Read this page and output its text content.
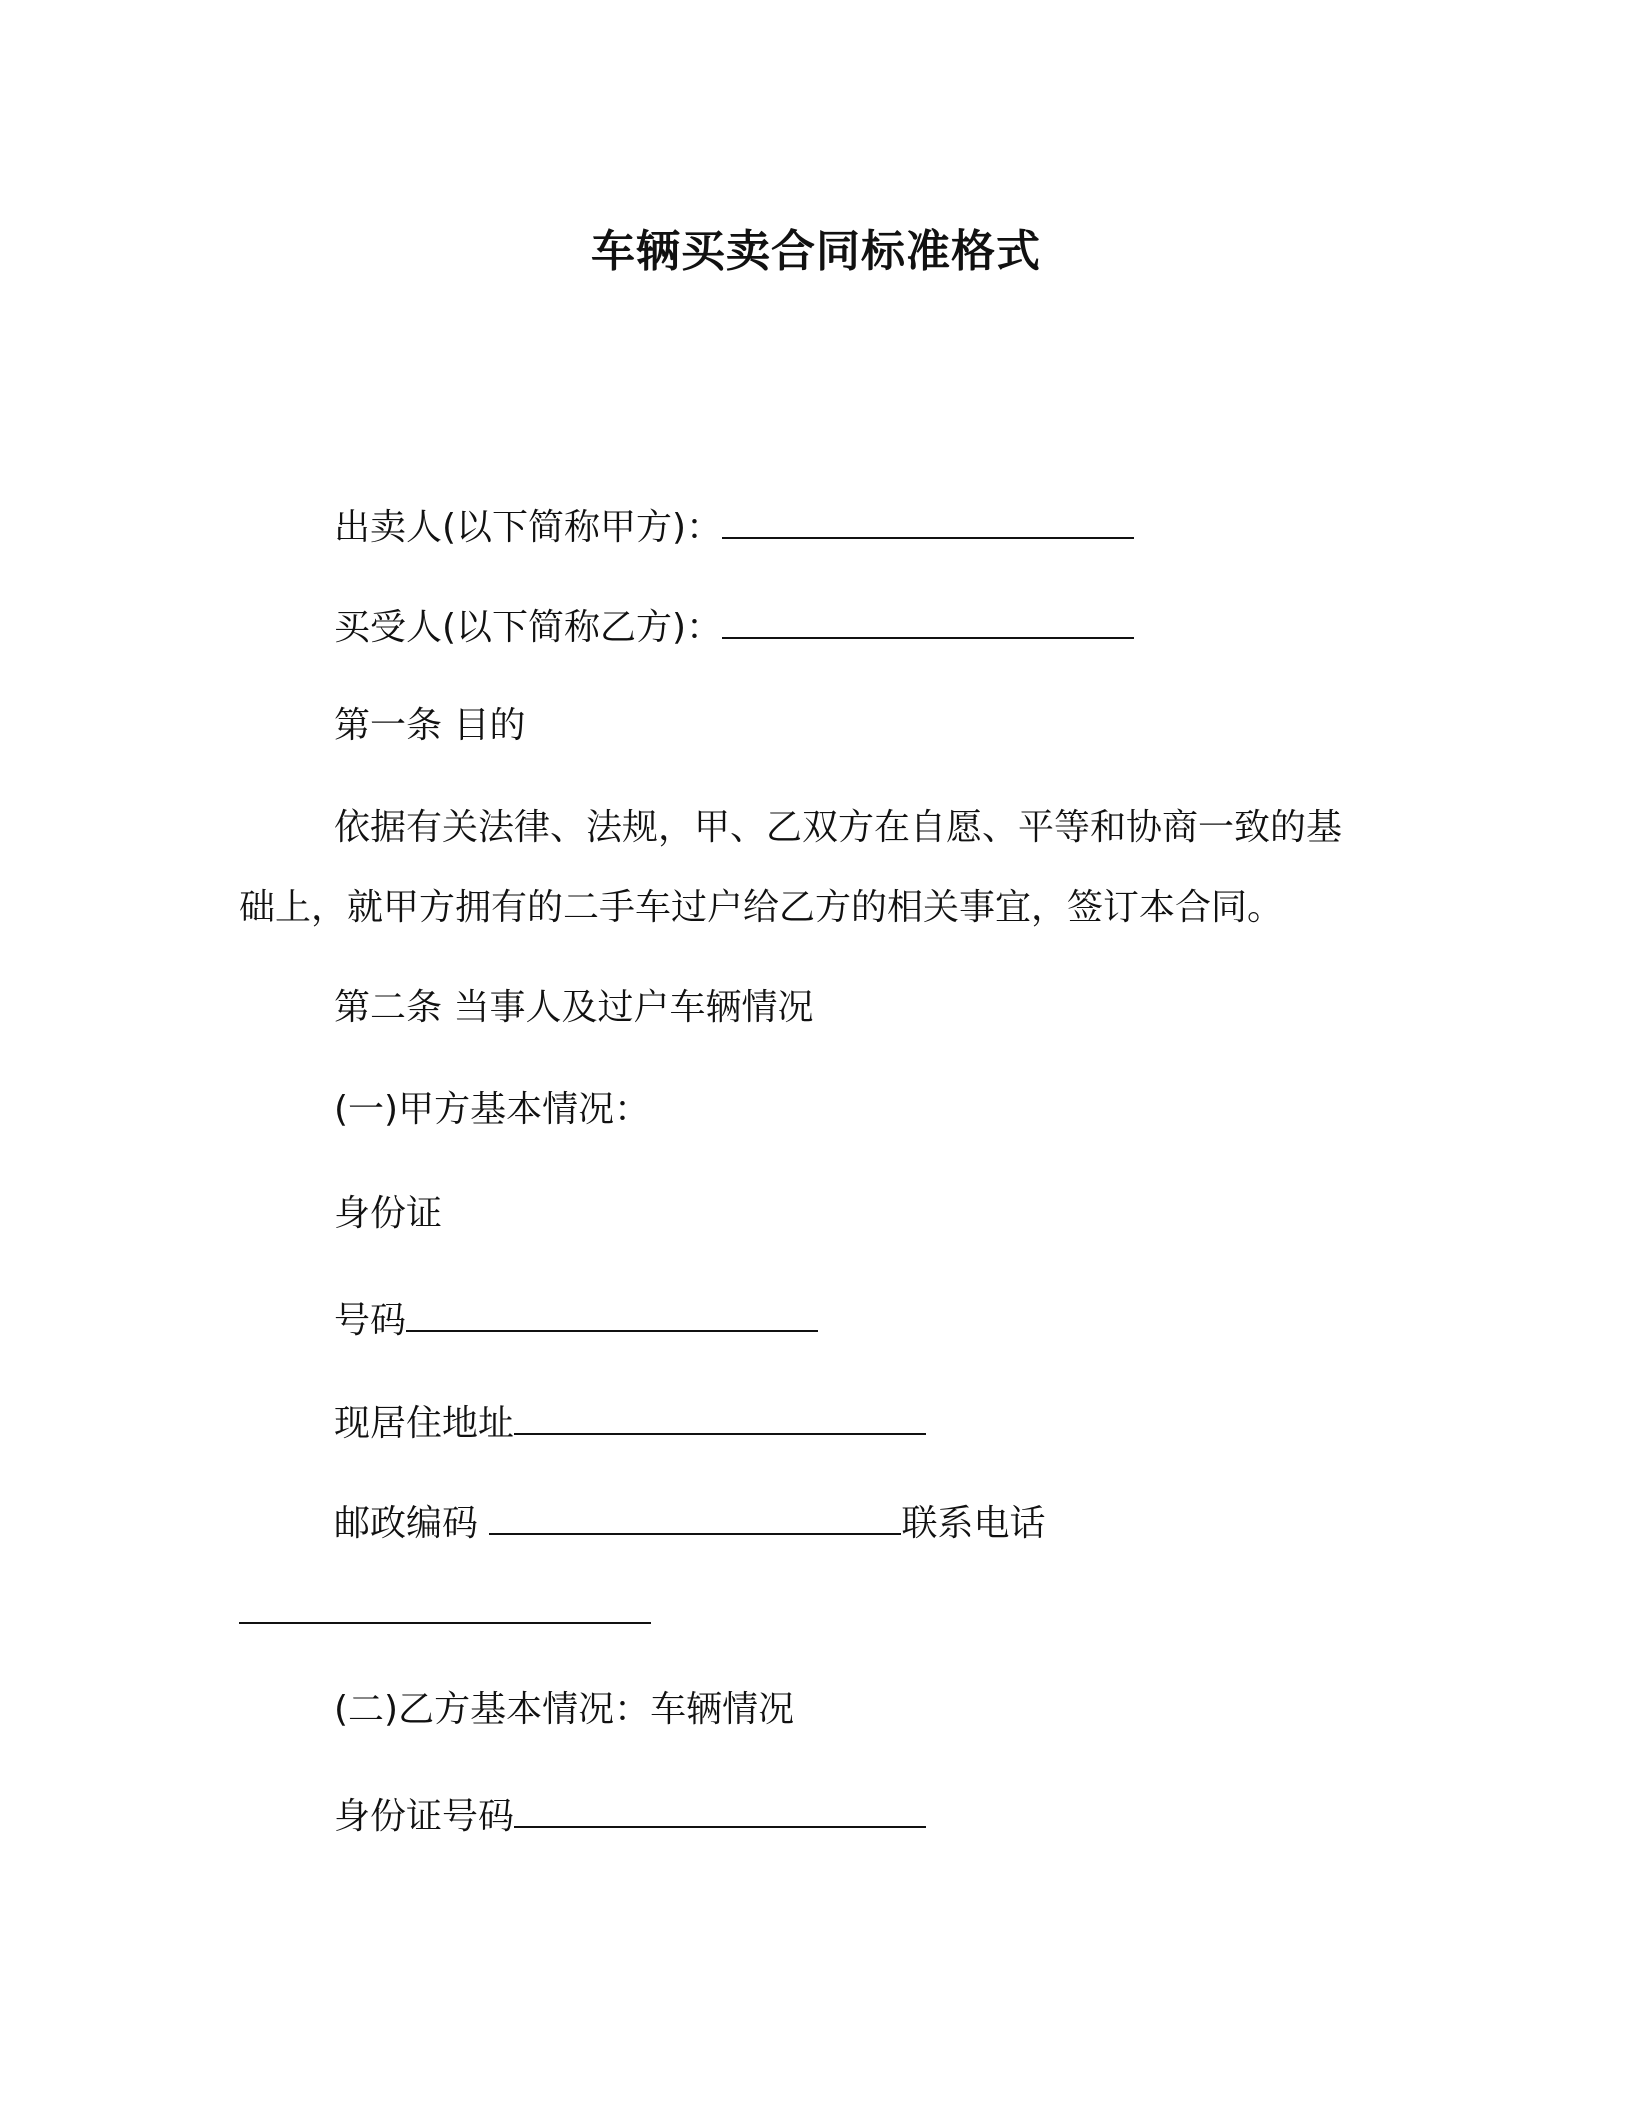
车辆买卖合同标准格式
出卖人(以下简称甲方)：
买受人(以下简称乙方)：
第一条 目的
依据有关法律、法规，甲、乙双方在自愿、平等和协商一致的基
础上，就甲方拥有的二手车过户给乙方的相关事宜，签订本合同。
第二条 当事人及过户车辆情况
(一)甲方基本情况：
身份证
号码
现居住地址
邮政编码	联系电话
(二)乙方基本情况：车辆情况
身份证号码
